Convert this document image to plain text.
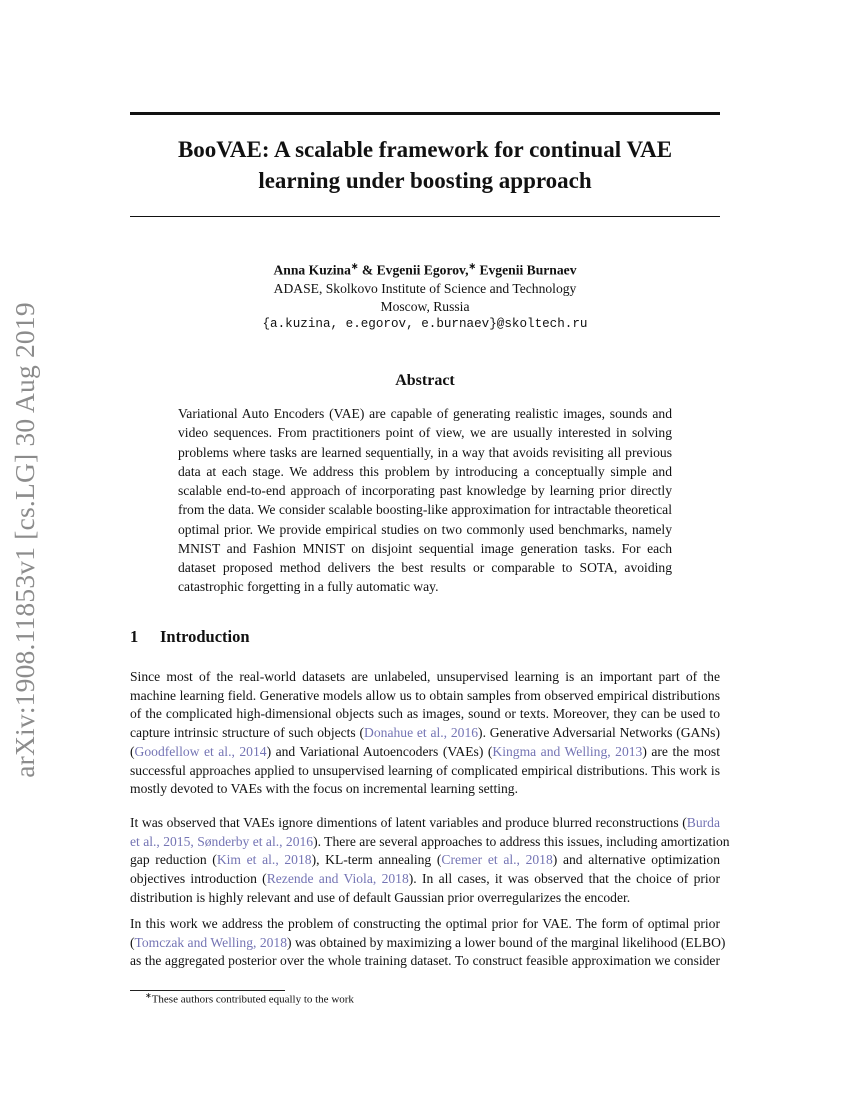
arXiv:1908.11853v1 [cs.LG] 30 Aug 2019
BooVAE: A scalable framework for continual VAE
learning under boosting approach
Anna Kuzina∗ & Evgenii Egorov,∗ Evgenii Burnaev
ADASE, Skolkovo Institute of Science and Technology
Moscow, Russia
{a.kuzina, e.egorov, e.burnaev}@skoltech.ru
Abstract
Variational Auto Encoders (VAE) are capable of generating realistic images, sounds and
video sequences. From practitioners point of view, we are usually interested in solving
problems where tasks are learned sequentially, in a way that avoids revisiting all previous
data at each stage. We address this problem by introducing a conceptually simple and
scalable end-to-end approach of incorporating past knowledge by learning prior directly
from the data. We consider scalable boosting-like approximation for intractable theoretical
optimal prior. We provide empirical studies on two commonly used benchmarks, namely
MNIST and Fashion MNIST on disjoint sequential image generation tasks. For each
dataset proposed method delivers the best results or comparable to SOTA, avoiding
catastrophic forgetting in a fully automatic way.
1 Introduction
Since most of the real-world datasets are unlabeled, unsupervised learning is an important part of the
machine learning field. Generative models allow us to obtain samples from observed empirical distributions
of the complicated high-dimensional objects such as images, sound or texts. Moreover, they can be used to
capture intrinsic structure of such objects (Donahue et al., 2016). Generative Adversarial Networks (GANs)
(Goodfellow et al., 2014) and Variational Autoencoders (VAEs) (Kingma and Welling, 2013) are the most
successful approaches applied to unsupervised learning of complicated empirical distributions. This work is
mostly devoted to VAEs with the focus on incremental learning setting.
It was observed that VAEs ignore dimentions of latent variables and produce blurred reconstructions (Burda
et al., 2015, Sønderby et al., 2016). There are several approaches to address this issues, including amortization
gap reduction (Kim et al., 2018), KL-term annealing (Cremer et al., 2018) and alternative optimization
objectives introduction (Rezende and Viola, 2018). In all cases, it was observed that the choice of prior
distribution is highly relevant and use of default Gaussian prior overregularizes the encoder.
In this work we address the problem of constructing the optimal prior for VAE. The form of optimal prior
(Tomczak and Welling, 2018) was obtained by maximizing a lower bound of the marginal likelihood (ELBO)
as the aggregated posterior over the whole training dataset. To construct feasible approximation we consider
∗These authors contributed equally to the work
